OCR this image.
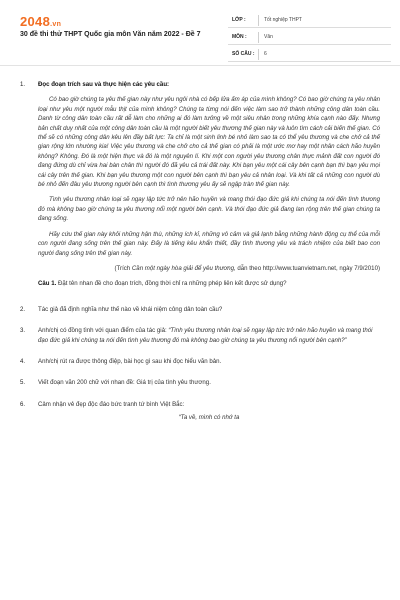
2048.vn
30 đề thi thử THPT Quốc gia môn Văn năm 2022 - Đề 7
LỚP :	Tốt nghiệp THPT
MÔN :	Văn
SỐ CÂU :	6
1.	Đọc đoạn trích sau và thực hiện các yêu cầu:

Có bao giờ chúng ta yêu thế gian này như yêu ngôi nhà có bếp lửa ấm áp của mình không? Có bao giờ chúng ta yêu nhân loại như yêu một người mẫu thịt của mình không? Chúng ta từng nói đến việc làm sao trở thành những công dân toàn cầu. Danh từ công dân toàn cầu rất dễ làm cho những ai đó làm tưởng về một siêu nhân trong những khía cạnh nào đấy. Nhưng bản chất duy nhất của một công dân toàn cầu là một người biết yêu thương thế gian này và luôn tìm cách cải biến thế gian. Có thể sẽ có những công dân kêu lên đầy bất lực: Ta chỉ là một sinh linh bé nhỏ làm sao ta có thể yêu thương và che chở cả thế gian rộng lớn nhường kia! Việc yêu thương và che chở cho cả thế gian có phải là một ước mơ hay một nhân cách hão huyền không? Không. Đó là một hiện thực và đó là một nguyên lí. Khi một con người yêu thương chân thực mảnh đất con người đó đang đứng dù chỉ vừa hai bàn chân thì người đó đã yêu cả trái đất này. Khi bạn yêu một cái cây bên cạnh bạn thì bạn yêu mọi cái cây trên thế gian. Khi bạn yêu thương một con người bên cạnh thì bạn yêu cả nhân loại. Và khi tất cả những con người dù bé nhỏ đến đâu yêu thương người bên cạnh thì tình thương yêu ấy sẽ ngập tràn thế gian này.

Tình yêu thương nhân loại sẽ ngay lập tức trở nên hão huyền và mang thói đạo đức giả khi chúng ta nói đến tình thương đó mà không bao giờ chúng ta yêu thương nổi một người bên cạnh. Và thói đạo đức giả đang lan rộng trên thế gian chúng ta đang sống.

Hãy cứu thế gian này khỏi những hận thù, những ích kỉ, những vô cảm và giả lạnh bằng những hành động cụ thể của mỗi con người đang sống trên thế gian này. Đấy là tiếng kêu khẩn thiết, đầy tình thương yêu và trách nhiệm của biết bao con người đang sống trên thế gian này.

(Trích Cần một ngày hòa giải để yêu thương, dẫn theo http://www.tuanvietnam.net, ngày 7/9/2010)

Câu 1. Đặt tên nhan đề cho đoạn trích, đồng thời chỉ ra những phép liên kết được sử dụng?

2.	Tác giả đã định nghĩa như thế nào về khái niệm công dân toàn cầu?
3.	Anh/chị có đồng tình với quan điểm của tác giả: “Tình yêu thương nhân loại sẽ ngay lập tức trở nên hão huyền và mang thói đạo đức giả khi chúng ta nói đến tình yêu thương đó mà không bao giờ chúng ta yêu thương nổi người bên cạnh?”
4.	Anh/chị rút ra được thông điệp, bài học gì sau khi đọc hiểu văn bản.
5.	Viết đoạn văn 200 chữ với nhan đề: Giá trị của tình yêu thương.
6.	Cảm nhận vẻ đẹp độc đáo bức tranh tứ bình Việt Bắc:
“Ta về, mình có nhớ ta
